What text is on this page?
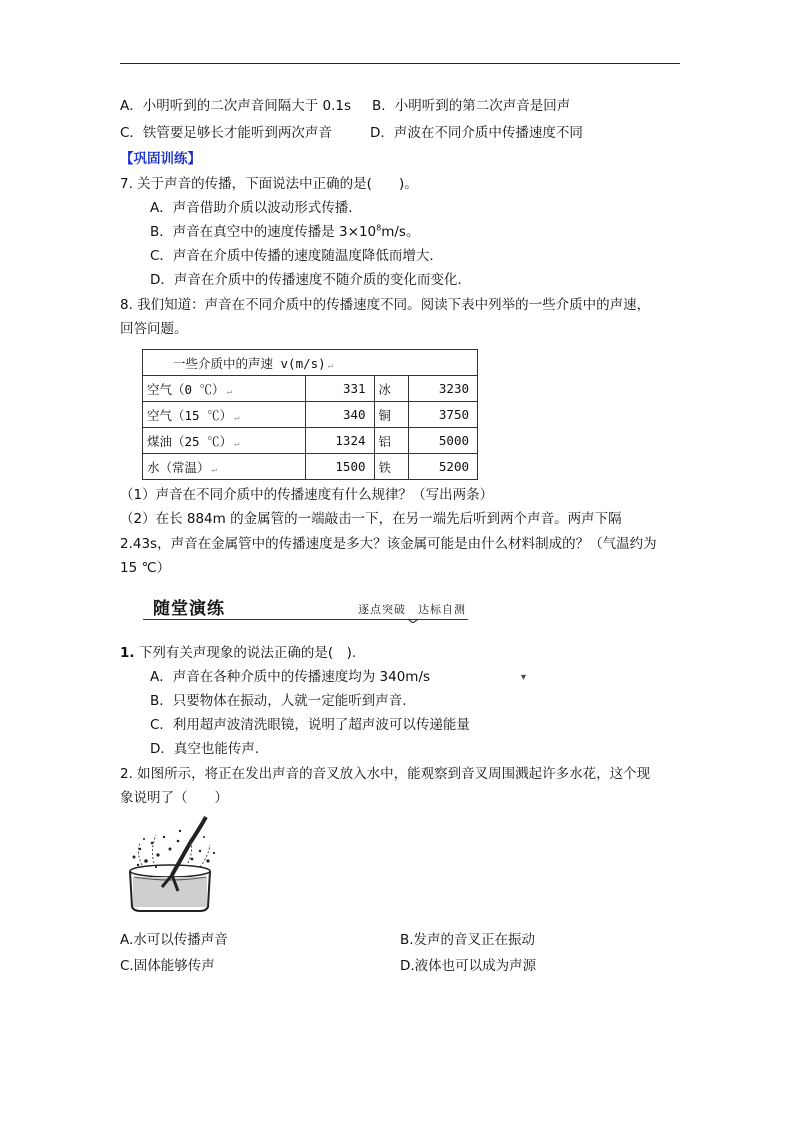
A．小明听到的二次声音间隔大于 0.1s B．小明听到的第二次声音是回声
C．铁管要足够长才能听到两次声音	D．声波在不同介质中传播速度不同
【巩固训练】
7. 关于声音的传播，下面说法中正确的是(　　)。
A．声音借助介质以波动形式传播.
B．声音在真空中的速度传播是 $3\times 10^8m/s$。
C．声音在介质中传播的速度随温度降低而增大.
D．声音在介质中的传播速度不随介质的变化而变化.
8. 我们知道：声音在不同介质中的传播速度不同。阅读下表中列举的一些介质中的声速，
回答问题。
一些介质中的声速 v(m/s) ↵			
空气（0 ℃） ↵	331	冰	3230
空气（15 ℃） ↵	340	铜	3750
煤油（25 ℃） ↵	1324	铝	5000
水（常温） ↵	1500	铁	5200
（1）声音在不同介质中的传播速度有什么规律？（写出两条）
（2）在长 884m 的金属管的一端敲击一下，在另一端先后听到两个声音。两声下隔
2.43s，声音在金属管中的传播速度是多大？该金属可能是由什么材料制成的？（气温约为
15 ℃）
随堂演练	逐点突破　达标自测
1. 下列有关声现象的说法正确的是(　).
A．声音在各种介质中的传播速度均为 340m/s	▾
B．只要物体在振动，人就一定能听到声音.
C．利用超声波清洗眼镜，说明了超声波可以传递能量
D．真空也能传声.
2. 如图所示，将正在发出声音的音叉放入水中，能观察到音叉周围溅起许多水花，这个现
象说明了（　　）
A.水可以传播声音	B.发声的音叉正在振动
C.固体能够传声	D.液体也可以成为声源
